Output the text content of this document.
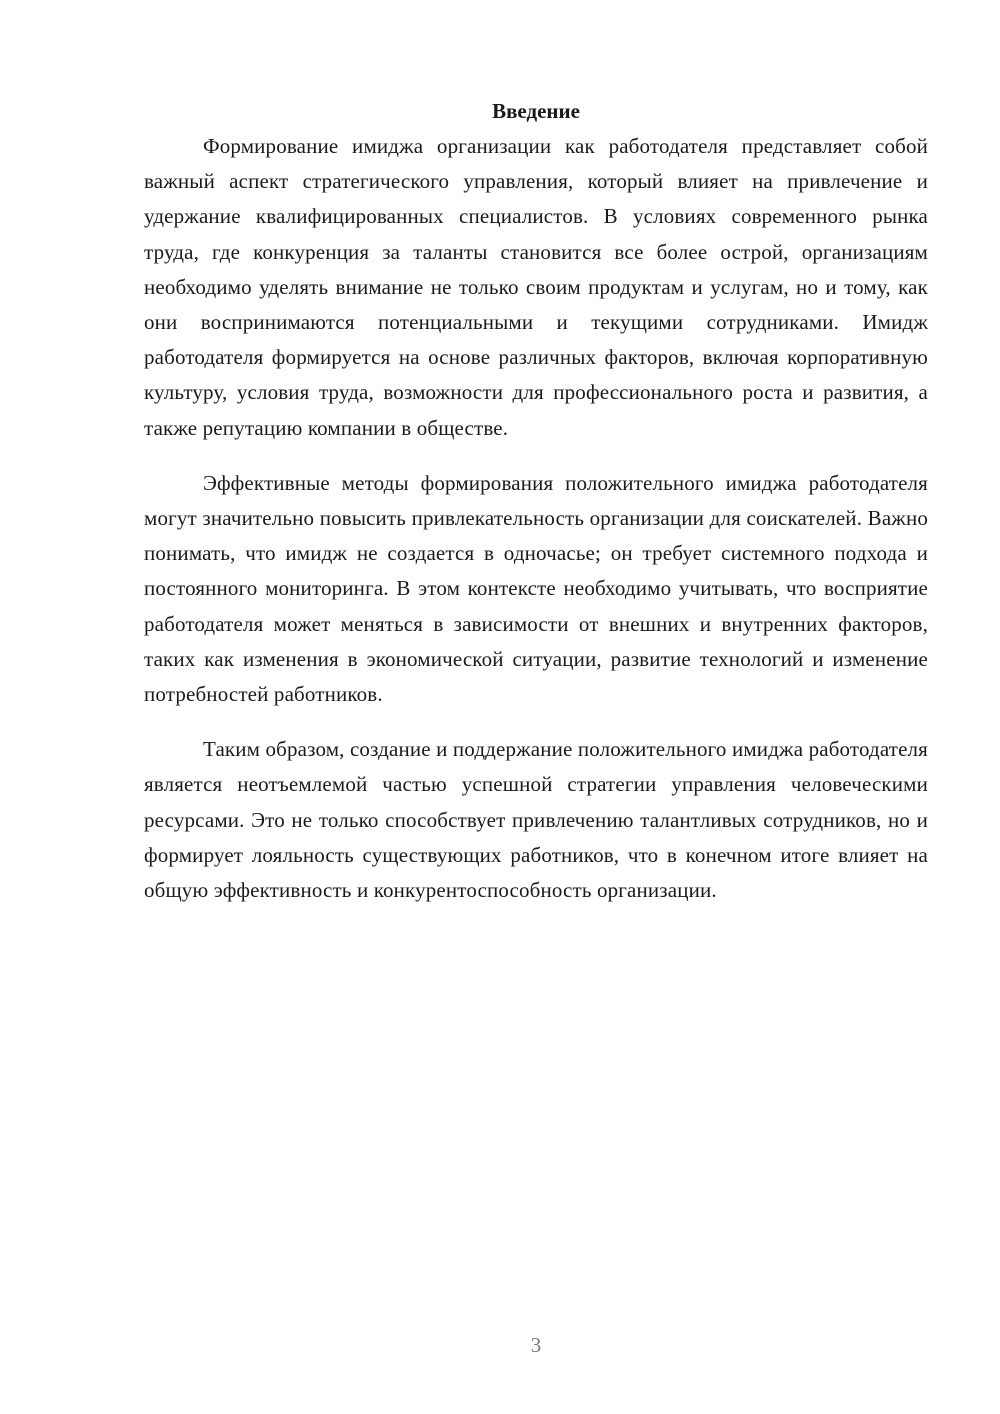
Введение

Формирование имиджа организации как работодателя представляет собой важный аспект стратегического управления, который влияет на привлечение и удержание квалифицированных специалистов. В условиях современного рынка труда, где конкуренция за таланты становится все более острой, организациям необходимо уделять внимание не только своим продуктам и услугам, но и тому, как они воспринимаются потенциальными и текущими сотрудниками. Имидж работодателя формируется на основе различных факторов, включая корпоративную культуру, условия труда, возможности для профессионального роста и развития, а также репутацию компании в обществе.

Эффективные методы формирования положительного имиджа работодателя могут значительно повысить привлекательность организации для соискателей. Важно понимать, что имидж не создается в одночасье; он требует системного подхода и постоянного мониторинга. В этом контексте необходимо учитывать, что восприятие работодателя может меняться в зависимости от внешних и внутренних факторов, таких как изменения в экономической ситуации, развитие технологий и изменение потребностей работников.

Таким образом, создание и поддержание положительного имиджа работодателя является неотъемлемой частью успешной стратегии управления человеческими ресурсами. Это не только способствует привлечению талантливых сотрудников, но и формирует лояльность существующих работников, что в конечном итоге влияет на общую эффективность и конкурентоспособность организации.

3
